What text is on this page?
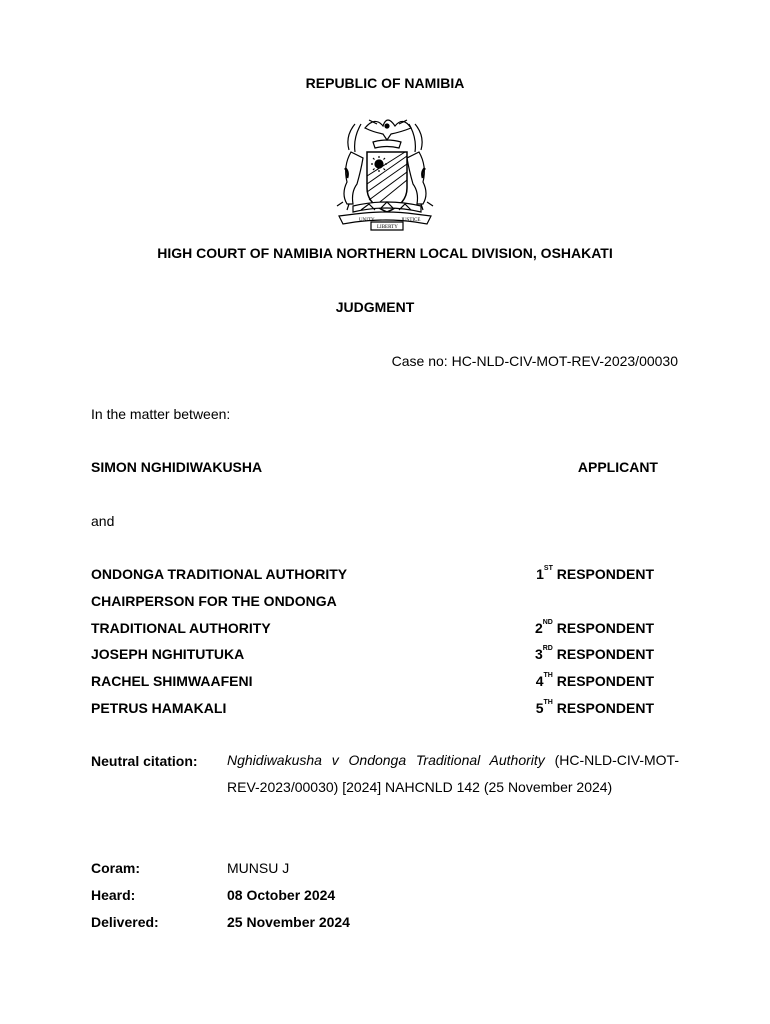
REPUBLIC OF NAMIBIA
UNITY
LIBERTY
JUSTICE
HIGH COURT OF NAMIBIA NORTHERN LOCAL DIVISION, OSHAKATI
JUDGMENT
Case no: HC-NLD-CIV-MOT-REV-2023/00030
In the matter between:
SIMON NGHIDIWAKUSHA	APPLICANT
and
ONDONGA TRADITIONAL AUTHORITY	1ST RESPONDENT
CHAIRPERSON FOR THE ONDONGA
TRADITIONAL AUTHORITY	2ND RESPONDENT
JOSEPH NGHITUTUKA	3RD RESPONDENT
RACHEL SHIMWAAFENI	4TH RESPONDENT
PETRUS HAMAKALI	5TH RESPONDENT
Neutral citation: Nghidiwakusha v Ondonga Traditional Authority (HC-NLD-CIV-MOT-REV-2023/00030) [2024] NAHCNLD 142 (25 November 2024)
Coram:	MUNSU J
Heard:	08 October 2024
Delivered:	25 November 2024
